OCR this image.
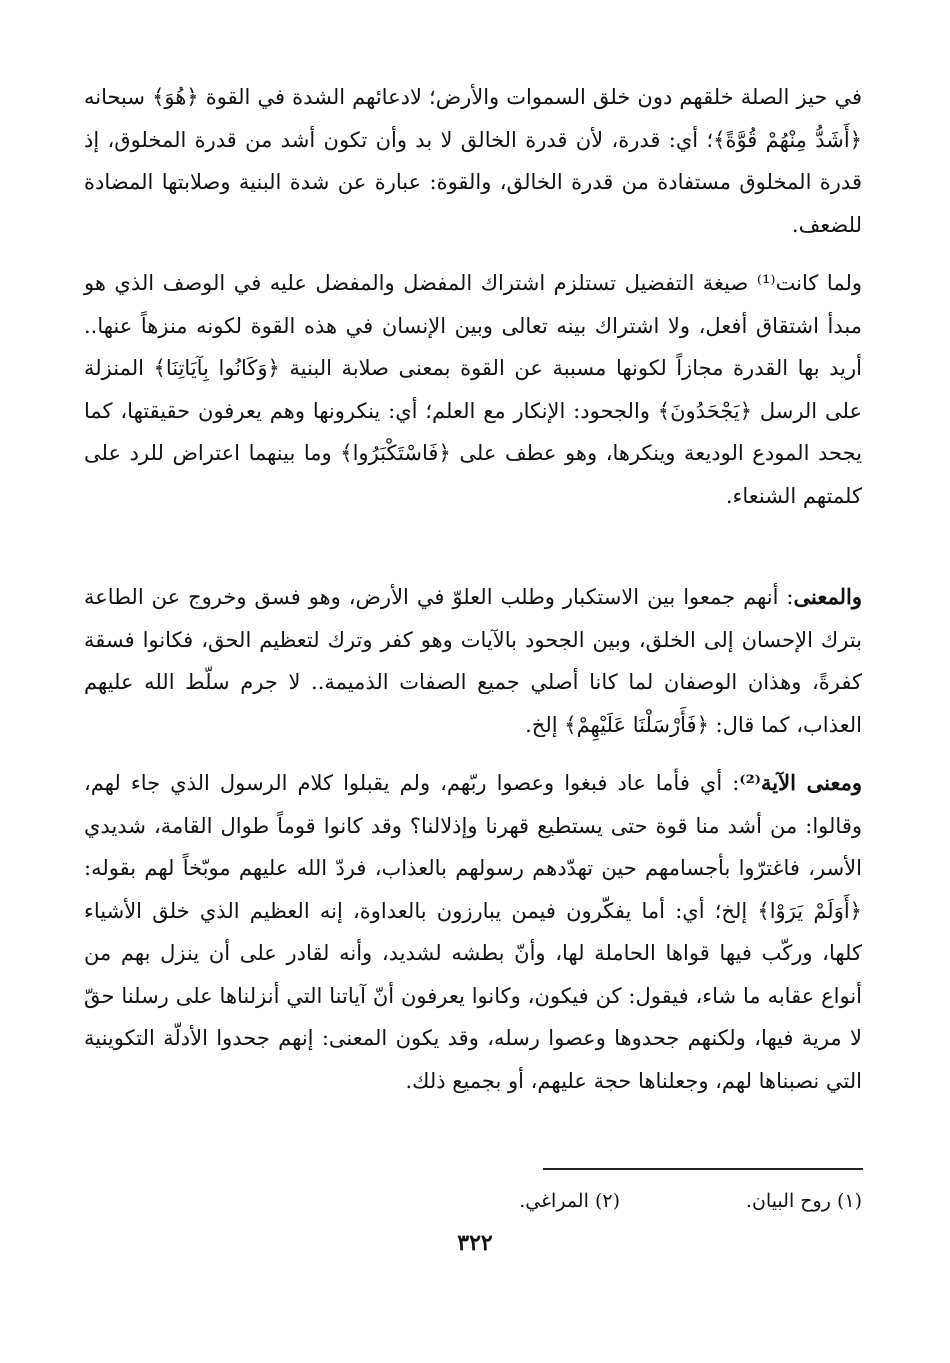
في حيز الصلة خلقهم دون خلق السموات والأرض؛ لادعائهم الشدة في القوة ﴿هُوَ﴾ سبحانه ﴿أَشَدُّ مِنْهُمْ قُوَّةً﴾؛ أي: قدرة، لأن قدرة الخالق لا بد وأن تكون أشد من قدرة المخلوق، إذ قدرة المخلوق مستفادة من قدرة الخالق، والقوة: عبارة عن شدة البنية وصلابتها المضادة للضعف.

ولما كانت⁽¹⁾ صيغة التفضيل تستلزم اشتراك المفضل والمفضل عليه في الوصف الذي هو مبدأ اشتقاق أفعل، ولا اشتراك بينه تعالى وبين الإنسان في هذه القوة لكونه منزهاً عنها.. أريد بها القدرة مجازاً لكونها مسببة عن القوة بمعنى صلابة البنية ﴿وَكَانُوا بِآيَاتِنَا﴾ المنزلة على الرسل ﴿يَجْحَدُونَ﴾ والجحود: الإنكار مع العلم؛ أي: ينكرونها وهم يعرفون حقيقتها، كما يجحد المودع الوديعة وينكرها، وهو عطف على ﴿فَاسْتَكْبَرُوا﴾ وما بينهما اعتراض للرد على كلمتهم الشنعاء.

والمعنى: أنهم جمعوا بين الاستكبار وطلب العلوّ في الأرض، وهو فسق وخروج عن الطاعة بترك الإحسان إلى الخلق، وبين الجحود بالآيات وهو كفر وترك لتعظيم الحق، فكانوا فسقة كفرةً، وهذان الوصفان لما كانا أصلي جميع الصفات الذميمة.. لا جرم سلّط الله عليهم العذاب، كما قال: ﴿فَأَرْسَلْنَا عَلَيْهِمْ﴾ إلخ.

ومعنى الآية⁽²⁾: أي فأما عاد فبغوا وعصوا ربّهم، ولم يقبلوا كلام الرسول الذي جاء لهم، وقالوا: من أشد منا قوة حتى يستطيع قهرنا وإذلالنا؟ وقد كانوا قوماً طوال القامة، شديدي الأسر، فاغترّوا بأجسامهم حين تهدّدهم رسولهم بالعذاب، فردّ الله عليهم موبّخاً لهم بقوله: ﴿أَوَلَمْ يَرَوْا﴾ إلخ؛ أي: أما يفكّرون فيمن يبارزون بالعداوة، إنه العظيم الذي خلق الأشياء كلها، وركّب فيها قواها الحاملة لها، وأنّ بطشه لشديد، وأنه لقادر على أن ينزل بهم من أنواع عقابه ما شاء، فيقول: كن فيكون، وكانوا يعرفون أنّ آياتنا التي أنزلناها على رسلنا حقّ لا مرية فيها، ولكنهم جحدوها وعصوا رسله، وقد يكون المعنى: إنهم جحدوا الأدلّة التكوينية التي نصبناها لهم، وجعلناها حجة عليهم، أو بجميع ذلك.

(١) روح البيان.
(٢) المراغي.
٣٢٢
